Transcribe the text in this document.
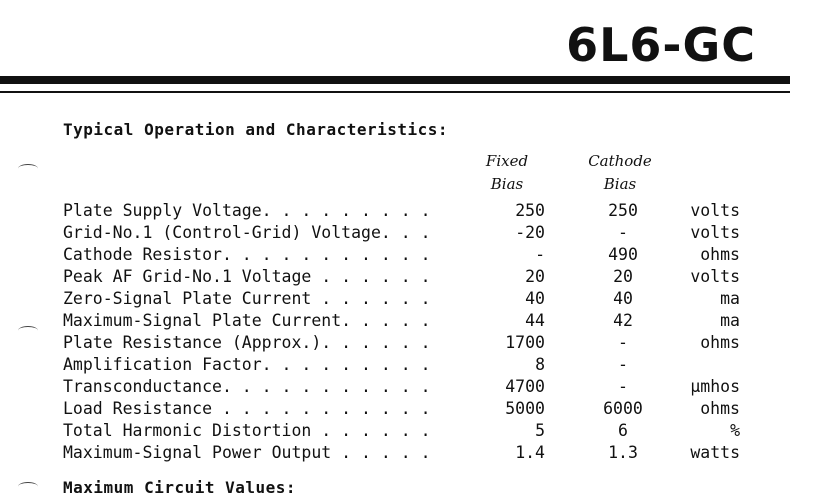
6L6-GC
Typical Operation and Characteristics:
Fixed
Bias
Cathode
Bias
Plate Supply Voltage. . . . . . . . .	250	250	volts
Grid-No.1 (Control-Grid) Voltage. . .	-20	-	volts
Cathode Resistor. . . . . . . . . . .	-	490	ohms
Peak AF Grid-No.1 Voltage . . . . . .	20	20	volts
Zero-Signal Plate Current . . . . . .	40	40	ma
Maximum-Signal Plate Current. . . . .	44	42	ma
Plate Resistance (Approx.). . . . . .	1700	-	ohms
Amplification Factor. . . . . . . . .	8	-
Transconductance. . . . . . . . . . .	4700	-	μmhos
Load Resistance . . . . . . . . . . .	5000	6000	ohms
Total Harmonic Distortion . . . . . .	5	6	%
Maximum-Signal Power Output . . . . .	1.4	1.3	watts
Maximum Circuit Values:
